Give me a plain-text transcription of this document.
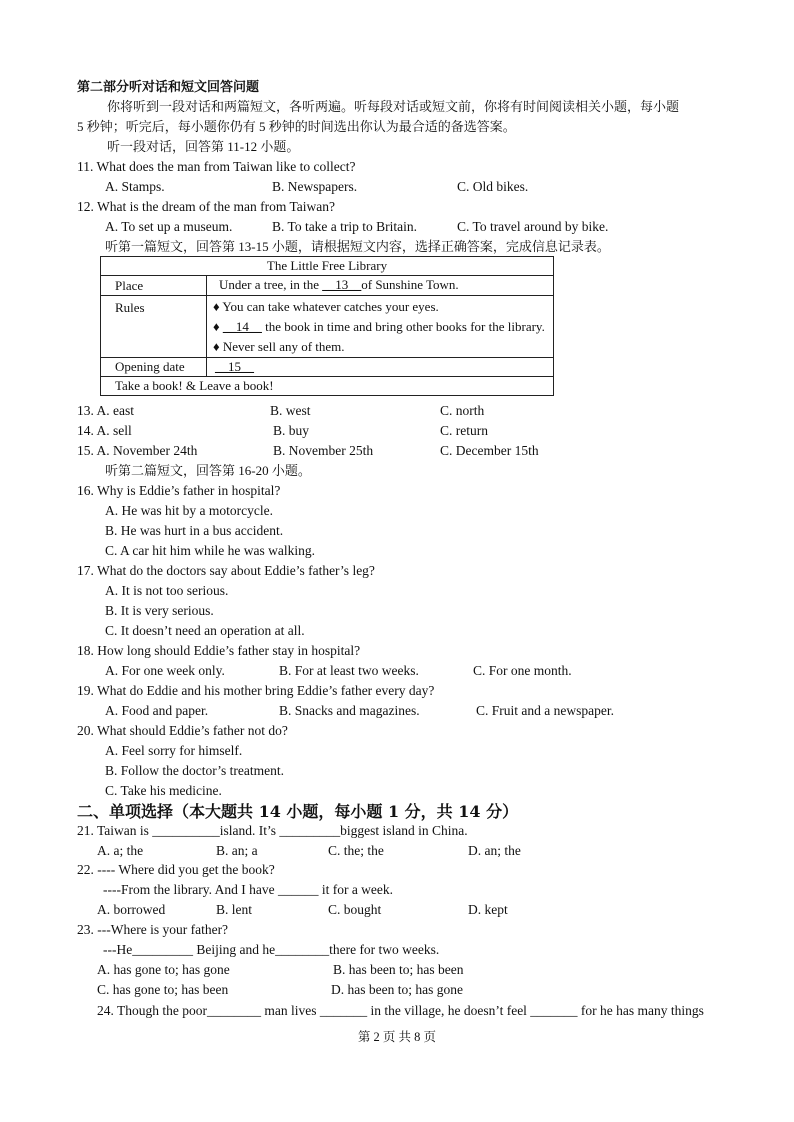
第二部分听对话和短文回答问题
你将听到一段对话和两篇短文，各听两遍。听每段对话或短文前，你将有时间阅读相关小题，每小题
5 秒钟；听完后，每小题你仍有 5 秒钟的时间选出你认为最合适的备选答案。
听一段对话，回答第 11-12 小题。
11. What does the man from Taiwan like to collect?
A. Stamps.	B. Newspapers.	C. Old bikes.
12. What is the dream of the man from Taiwan?
A. To set up a museum.	B. To take a trip to Britain.	C. To travel around by bike.
听第一篇短文，回答第 13-15 小题，请根据短文内容，选择正确答案，完成信息记录表。
The Little Free Library	
Place	Under a tree, in the __13__of Sunshine Town.
Rules	♦ You can take whatever catches your eyes.
♦ __14__ the book in time and bring other books for the library.
♦ Never sell any of them.

Opening date	__15__
Take a book! & Leave a book!	
13. A. east	B. west	C. north
14. A. sell	B. buy	C. return
15. A. November 24th	B. November 25th	C. December 15th
听第二篇短文，回答第 16-20 小题。
16. Why is Eddie’s father in hospital?
A. He was hit by a motorcycle.
B. He was hurt in a bus accident.
C. A car hit him while he was walking.
17. What do the doctors say about Eddie’s father’s leg?
A. It is not too serious.
B. It is very serious.
C. It doesn’t need an operation at all.
18. How long should Eddie’s father stay in hospital?
A. For one week only.	B. For at least two weeks.	C. For one month.
19. What do Eddie and his mother bring Eddie’s father every day?
A. Food and paper.	B. Snacks and magazines.	C. Fruit and a newspaper.
20. What should Eddie’s father not do?
A. Feel sorry for himself.
B. Follow the doctor’s treatment.
C. Take his medicine.
二、单项选择（本大题共 14 小题，每小题 1 分，共 14 分）
21. Taiwan is __________island. It’s _________biggest island in China.
A. a; the	B. an; a	C. the; the	D. an; the
22. ---- Where did you get the book?
----From the library. And I have ______ it for a week.
A. borrowed	B. lent	C. bought	D. kept
23. ---Where is your father?
---He_________ Beijing and he________there for two weeks.
A. has gone to; has gone	B. has been to; has been
C. has gone to; has been	D. has been to; has gone
24. Though the poor________ man lives _______ in the village, he doesn’t feel _______ for he has many things
第 2 页 共 8 页
